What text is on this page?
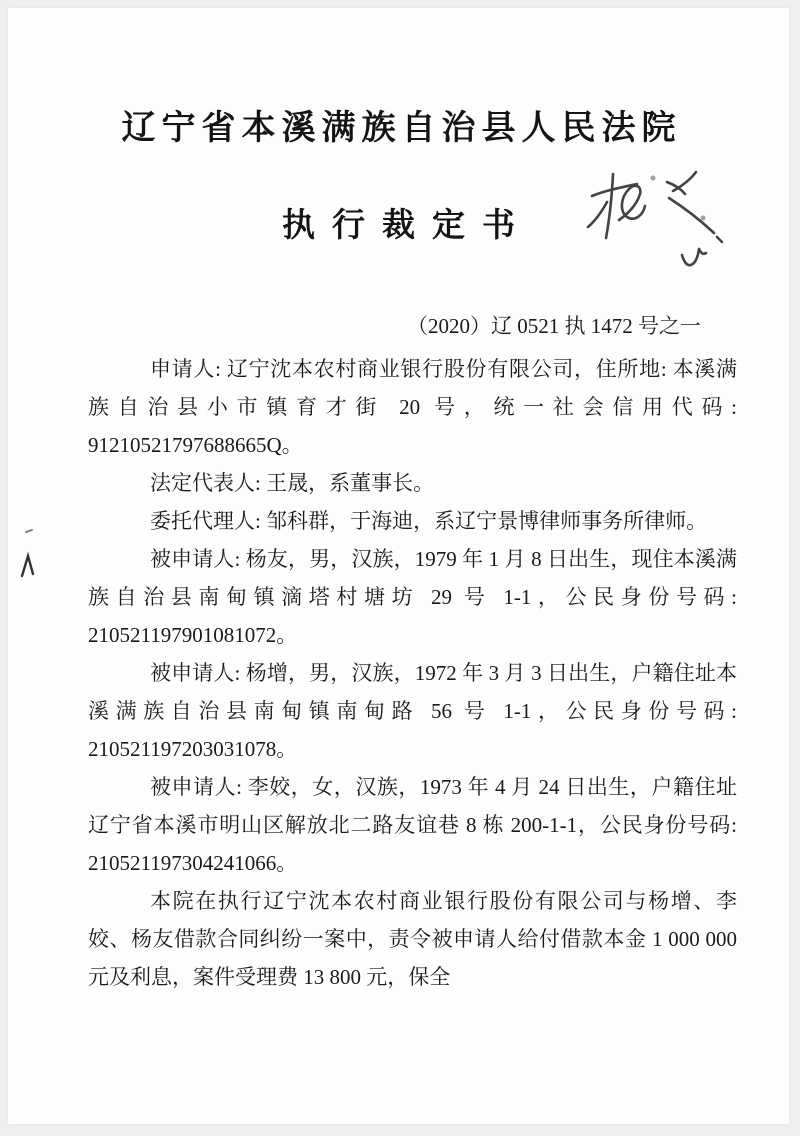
辽宁省本溪满族自治县人民法院
执行裁定书
（2020）辽 0521 执 1472 号之一

申请人: 辽宁沈本农村商业银行股份有限公司，住所地: 本溪满族自治县小市镇育才街 20 号，统一社会信用代码: 91210521797688665Q。

法定代表人: 王晟，系董事长。

委托代理人: 邹科群，于海迪，系辽宁景博律师事务所律师。

被申请人: 杨友，男，汉族，1979 年 1 月 8 日出生，现住本溪满族自治县南甸镇滴塔村塘坊 29 号 1-1，公民身份号码: 210521197901081072。

被申请人: 杨增，男，汉族，1972 年 3 月 3 日出生，户籍住址本溪满族自治县南甸镇南甸路 56 号 1-1，公民身份号码: 210521197203031078。

被申请人: 李姣，女，汉族，1973 年 4 月 24 日出生，户籍住址辽宁省本溪市明山区解放北二路友谊巷 8 栋 200-1-1，公民身份号码: 210521197304241066。

本院在执行辽宁沈本农村商业银行股份有限公司与杨增、李姣、杨友借款合同纠纷一案中，责令被申请人给付借款本金 1 000 000 元及利息，案件受理费 13 800 元，保全
